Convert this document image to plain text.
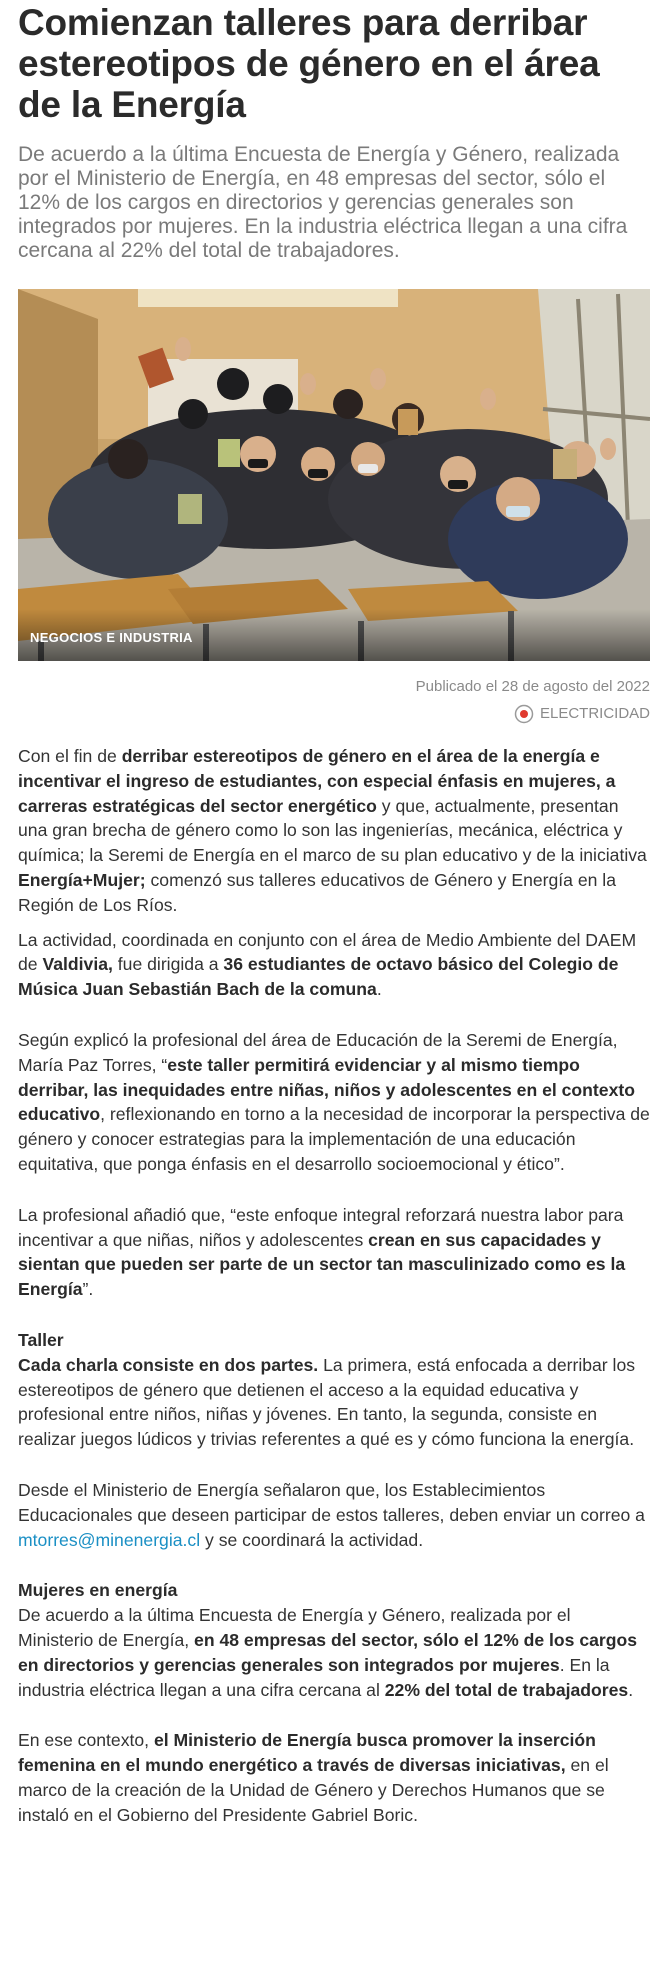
Comienzan talleres para derribar estereotipos de género en el área de la Energía

De acuerdo a la última Encuesta de Energía y Género, realizada por el Ministerio de Energía, en 48 empresas del sector, sólo el 12% de los cargos en directorios y gerencias generales son integrados por mujeres. En la industria eléctrica llegan a una cifra cercana al 22% del total de trabajadores.

NEGOCIOS E INDUSTRIA
Publicado el 28 de agosto del 2022
ELECTRICIDAD

Con el fin de derribar estereotipos de género en el área de la energía e incentivar el ingreso de estudiantes, con especial énfasis en mujeres, a carreras estratégicas del sector energético y que, actualmente, presentan una gran brecha de género como lo son las ingenierías, mecánica, eléctrica y química; la Seremi de Energía en el marco de su plan educativo y de la iniciativa Energía+Mujer; comenzó sus talleres educativos de Género y Energía en la Región de Los Ríos.

La actividad, coordinada en conjunto con el área de Medio Ambiente del DAEM de Valdivia, fue dirigida a 36 estudiantes de octavo básico del Colegio de Música Juan Sebastián Bach de la comuna.

Según explicó la profesional del área de Educación de la Seremi de Energía, María Paz Torres, “este taller permitirá evidenciar y al mismo tiempo derribar, las inequidades entre niñas, niños y adolescentes en el contexto educativo, reflexionando en torno a la necesidad de incorporar la perspectiva de género y conocer estrategias para la implementación de una educación equitativa, que ponga énfasis en el desarrollo socioemocional y ético”.

La profesional añadió que, “este enfoque integral reforzará nuestra labor para incentivar a que niñas, niños y adolescentes crean en sus capacidades y sientan que pueden ser parte de un sector tan masculinizado como es la Energía”.

Taller
Cada charla consiste en dos partes. La primera, está enfocada a derribar los estereotipos de género que detienen el acceso a la equidad educativa y profesional entre niños, niñas y jóvenes. En tanto, la segunda, consiste en realizar juegos lúdicos y trivias referentes a qué es y cómo funciona la energía.

Desde el Ministerio de Energía señalaron que, los Establecimientos Educacionales que deseen participar de estos talleres, deben enviar un correo a mtorres@minenergia.cl y se coordinará la actividad.

Mujeres en energía
De acuerdo a la última Encuesta de Energía y Género, realizada por el Ministerio de Energía, en 48 empresas del sector, sólo el 12% de los cargos en directorios y gerencias generales son integrados por mujeres. En la industria eléctrica llegan a una cifra cercana al 22% del total de trabajadores.

En ese contexto, el Ministerio de Energía busca promover la inserción femenina en el mundo energético a través de diversas iniciativas, en el marco de la creación de la Unidad de Género y Derechos Humanos que se instaló en el Gobierno del Presidente Gabriel Boric.
